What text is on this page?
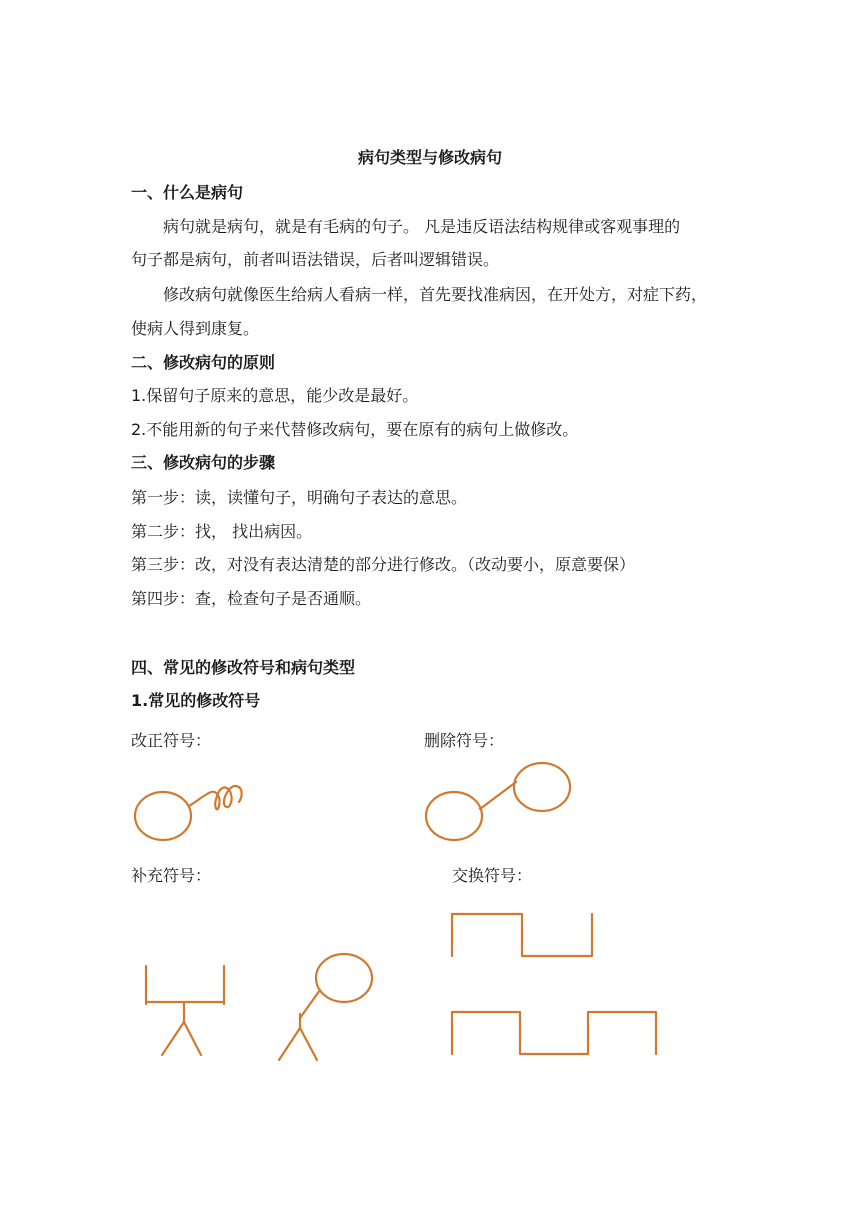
病句类型与修改病句
一、什么是病句
病句就是病句，就是有毛病的句子。 凡是违反语法结构规律或客观事理的
句子都是病句，前者叫语法错误，后者叫逻辑错误。
修改病句就像医生给病人看病一样，首先要找准病因，在开处方，对症下药，
使病人得到康复。
二、修改病句的原则
1.保留句子原来的意思，能少改是最好。
2.不能用新的句子来代替修改病句，要在原有的病句上做修改。
三、修改病句的步骤
第一步：读，读懂句子，明确句子表达的意思。
第二步：找， 找出病因。
第三步：改，对没有表达清楚的部分进行修改。（改动要小，原意要保）
第四步：查，检查句子是否通顺。
四、常见的修改符号和病句类型
1.常见的修改符号
改正符号：	删除符号：
补充符号：	交换符号：
